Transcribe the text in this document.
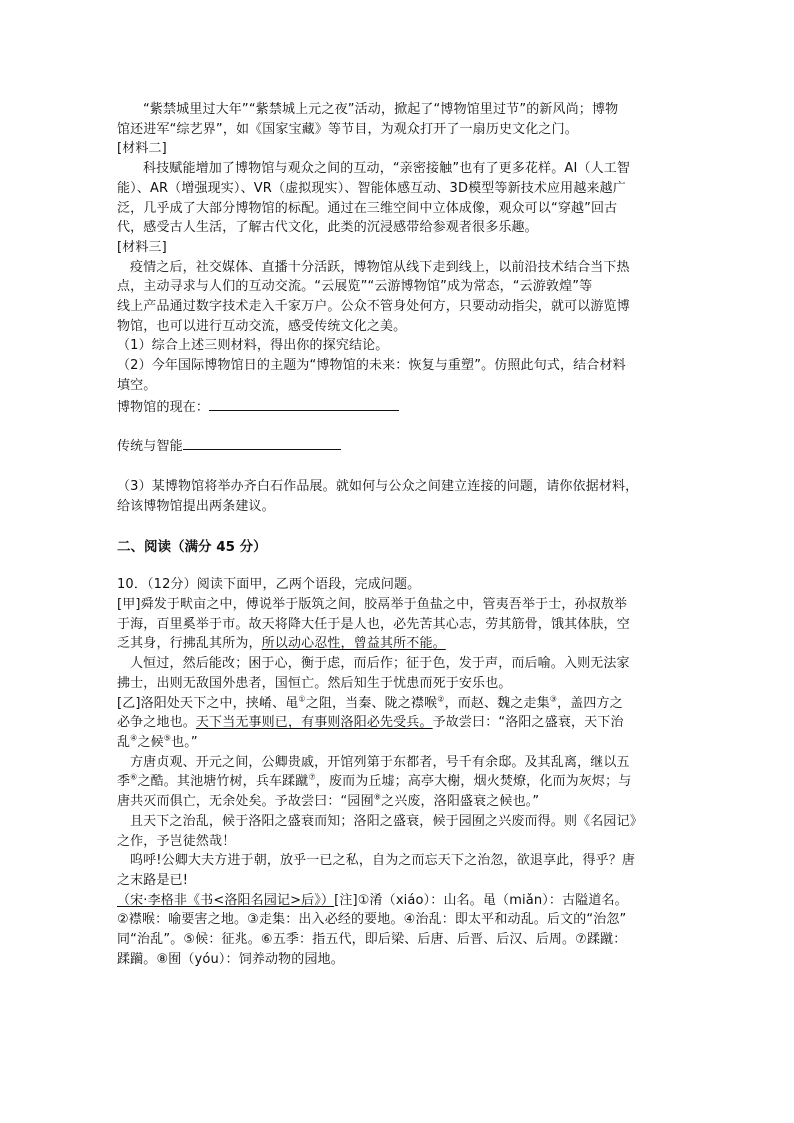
“紫禁城里过大年”“紫禁城上元之夜”活动，掀起了“博物馆里过节”的新风尚；博物
馆还进军“综艺界”，如《国家宝藏》等节目，为观众打开了一扇历史文化之门。
[材料二]
科技赋能增加了博物馆与观众之间的互动，“亲密接触”也有了更多花样。AI（人工智
能）、AR（增强现实）、VR（虚拟现实）、智能体感互动、3D模型等新技术应用越来越广
泛，几乎成了大部分博物馆的标配。通过在三维空间中立体成像，观众可以“穿越”回古
代，感受古人生活，了解古代文化，此类的沉浸感带给参观者很多乐趣。
[材料三]
疫情之后，社交媒体、直播十分活跃，博物馆从线下走到线上，以前沿技术结合当下热
点，主动寻求与人们的互动交流。“云展览”“云游博物馆”成为常态，“云游敦煌”等
线上产品通过数字技术走入千家万户。公众不管身处何方，只要动动指尖，就可以游览博
物馆，也可以进行互动交流，感受传统文化之美。
（1）综合上述三则材料，得出你的探究结论。
（2）今年国际博物馆日的主题为“博物馆的未来：恢复与重塑”。仿照此句式，结合材料
填空。
博物馆的现在：
传统与智能
（3）某博物馆将举办齐白石作品展。就如何与公众之间建立连接的问题，请你依据材料，
给该博物馆提出两条建议。
二、阅读（满分 45 分）
10．（12分）阅读下面甲，乙两个语段，完成问题。
[甲]舜发于畎亩之中，傅说举于版筑之间，胶鬲举于鱼盐之中，管夷吾举于士，孙叔敖举
于海，百里奚举于市。故天将降大任于是人也，必先苦其心志，劳其筋骨，饿其体肤，空
乏其身，行拂乱其所为，所以动心忍性，曾益其所不能。
人恒过，然后能改；困于心，衡于虑，而后作；征于色，发于声，而后喻。入则无法家
拂士，出则无敌国外患者，国恒亡。然后知生于忧患而死于安乐也。
[乙]洛阳处天下之中，挟崤、黾①之阻，当秦、陇之襟喉②，而赵、魏之走集③，盖四方之
必争之地也。天下当无事则已，有事则洛阳必先受兵。予故尝曰：“洛阳之盛衰，天下治
乱④之候⑤也。”
方唐贞观、开元之间，公卿贵戚，开馆列第于东都者，号千有余邸。及其乱离，继以五
季⑥之酷。其池塘竹树，兵车蹂蹴⑦，废而为丘墟；高亭大榭，烟火焚燎，化而为灰烬；与
唐共灭而俱亡，无余处矣。予故尝曰：“园囿⑧之兴废，洛阳盛衰之候也。”
且天下之治乱，候于洛阳之盛衰而知；洛阳之盛衰，候于园囿之兴废而得。则《名园记》
之作，予岂徒然哉！
呜呼!公卿大夫方进于朝，放乎一已之私，自为之而忘天下之治忽，欲退享此，得乎？唐
之末路是已!
（宋·李格非《书<洛阳名园记>后》）[注]①淆（xiáo）：山名。黾（miǎn）：古隘道名。
②襟喉：喻要害之地。③走集：出入必经的要地。④治乱：即太平和动乱。后文的“治忽”
同“治乱”。⑤候：征兆。⑥五季：指五代，即后梁、后唐、后晋、后汉、后周。⑦蹂蹴：
蹂躏。⑧囿（yóu）：饲养动物的园地。
